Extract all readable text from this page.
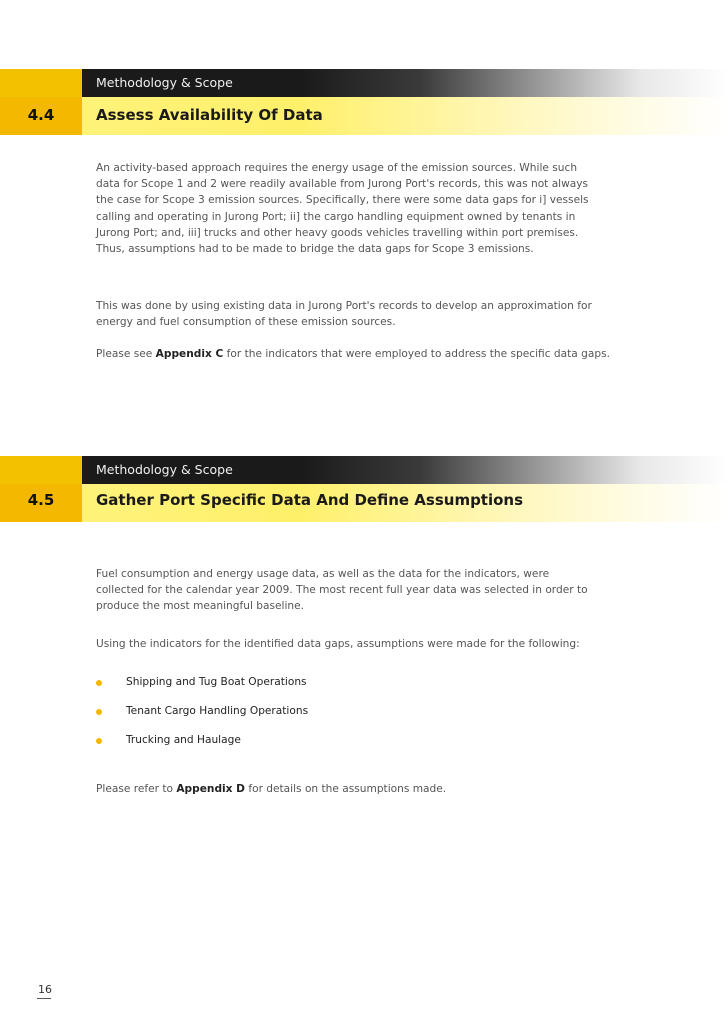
Methodology & Scope
4.4	Assess Availability Of Data

An activity-based approach requires the energy usage of the emission sources. While such data for Scope 1 and 2 were readily available from Jurong Port's records, this was not always the case for Scope 3 emission sources. Specifically, there were some data gaps for i] vessels calling and operating in Jurong Port; ii] the cargo handling equipment owned by tenants in Jurong Port; and, iii] trucks and other heavy goods vehicles travelling within port premises. Thus, assumptions had to be made to bridge the data gaps for Scope 3 emissions.

This was done by using existing data in Jurong Port's records to develop an approximation for energy and fuel consumption of these emission sources.

Please see Appendix C for the indicators that were employed to address the specific data gaps.

Methodology & Scope
4.5	Gather Port Specific Data And Define Assumptions

Fuel consumption and energy usage data, as well as the data for the indicators, were collected for the calendar year 2009. The most recent full year data was selected in order to produce the most meaningful baseline.

Using the indicators for the identified data gaps, assumptions were made for the following:

Shipping and Tug Boat Operations
Tenant Cargo Handling Operations
Trucking and Haulage

Please refer to Appendix D for details on the assumptions made.

16
